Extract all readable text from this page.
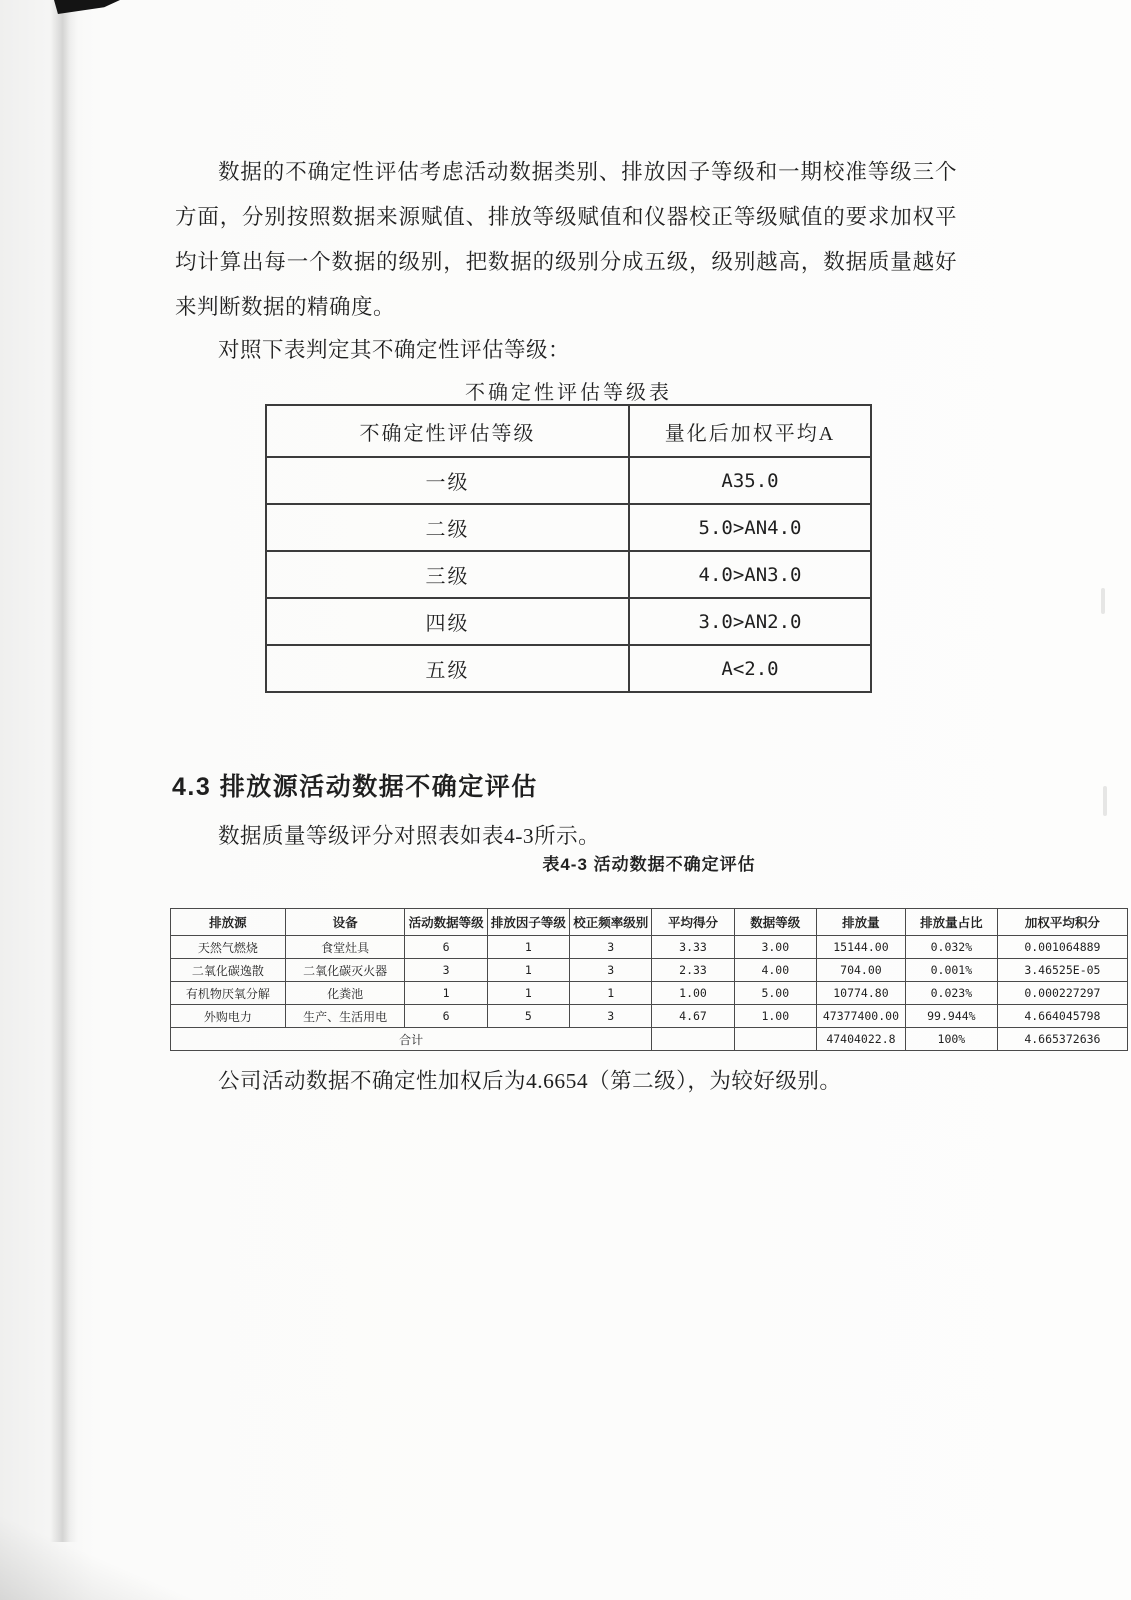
数据的不确定性评估考虑活动数据类别、排放因子等级和一期校准等级三个方面，分别按照数据来源赋值、排放等级赋值和仪器校正等级赋值的要求加权平均计算出每一个数据的级别，把数据的级别分成五级，级别越高，数据质量越好来判断数据的精确度。

对照下表判定其不确定性评估等级：

不确定性评估等级表
不确定性评估等级	量化后加权平均A
一级	A35.0
二级	5.0>AN4.0
三级	4.0>AN3.0
四级	3.0>AN2.0
五级	A<2.0
4.3 排放源活动数据不确定评估

数据质量等级评分对照表如表4-3所示。

表4-3 活动数据不确定评估
排放源	设备	活动数据等级	排放因子等级	校正频率级别	平均得分	数据等级	排放量	排放量占比	加权平均积分
天然气燃烧	食堂灶具	6	1	3	3.33	3.00	15144.00	0.032%	0.001064889
二氧化碳逸散	二氧化碳灭火器	3	1	3	2.33	4.00	704.00	0.001%	3.46525E-05
有机物厌氧分解	化粪池	1	1	1	1.00	5.00	10774.80	0.023%	0.000227297
外购电力	生产、生活用电	6	5	3	4.67	1.00	47377400.00	99.944%	4.664045798
合计							47404022.8	100%	4.665372636

公司活动数据不确定性加权后为4.6654（第二级），为较好级别。
